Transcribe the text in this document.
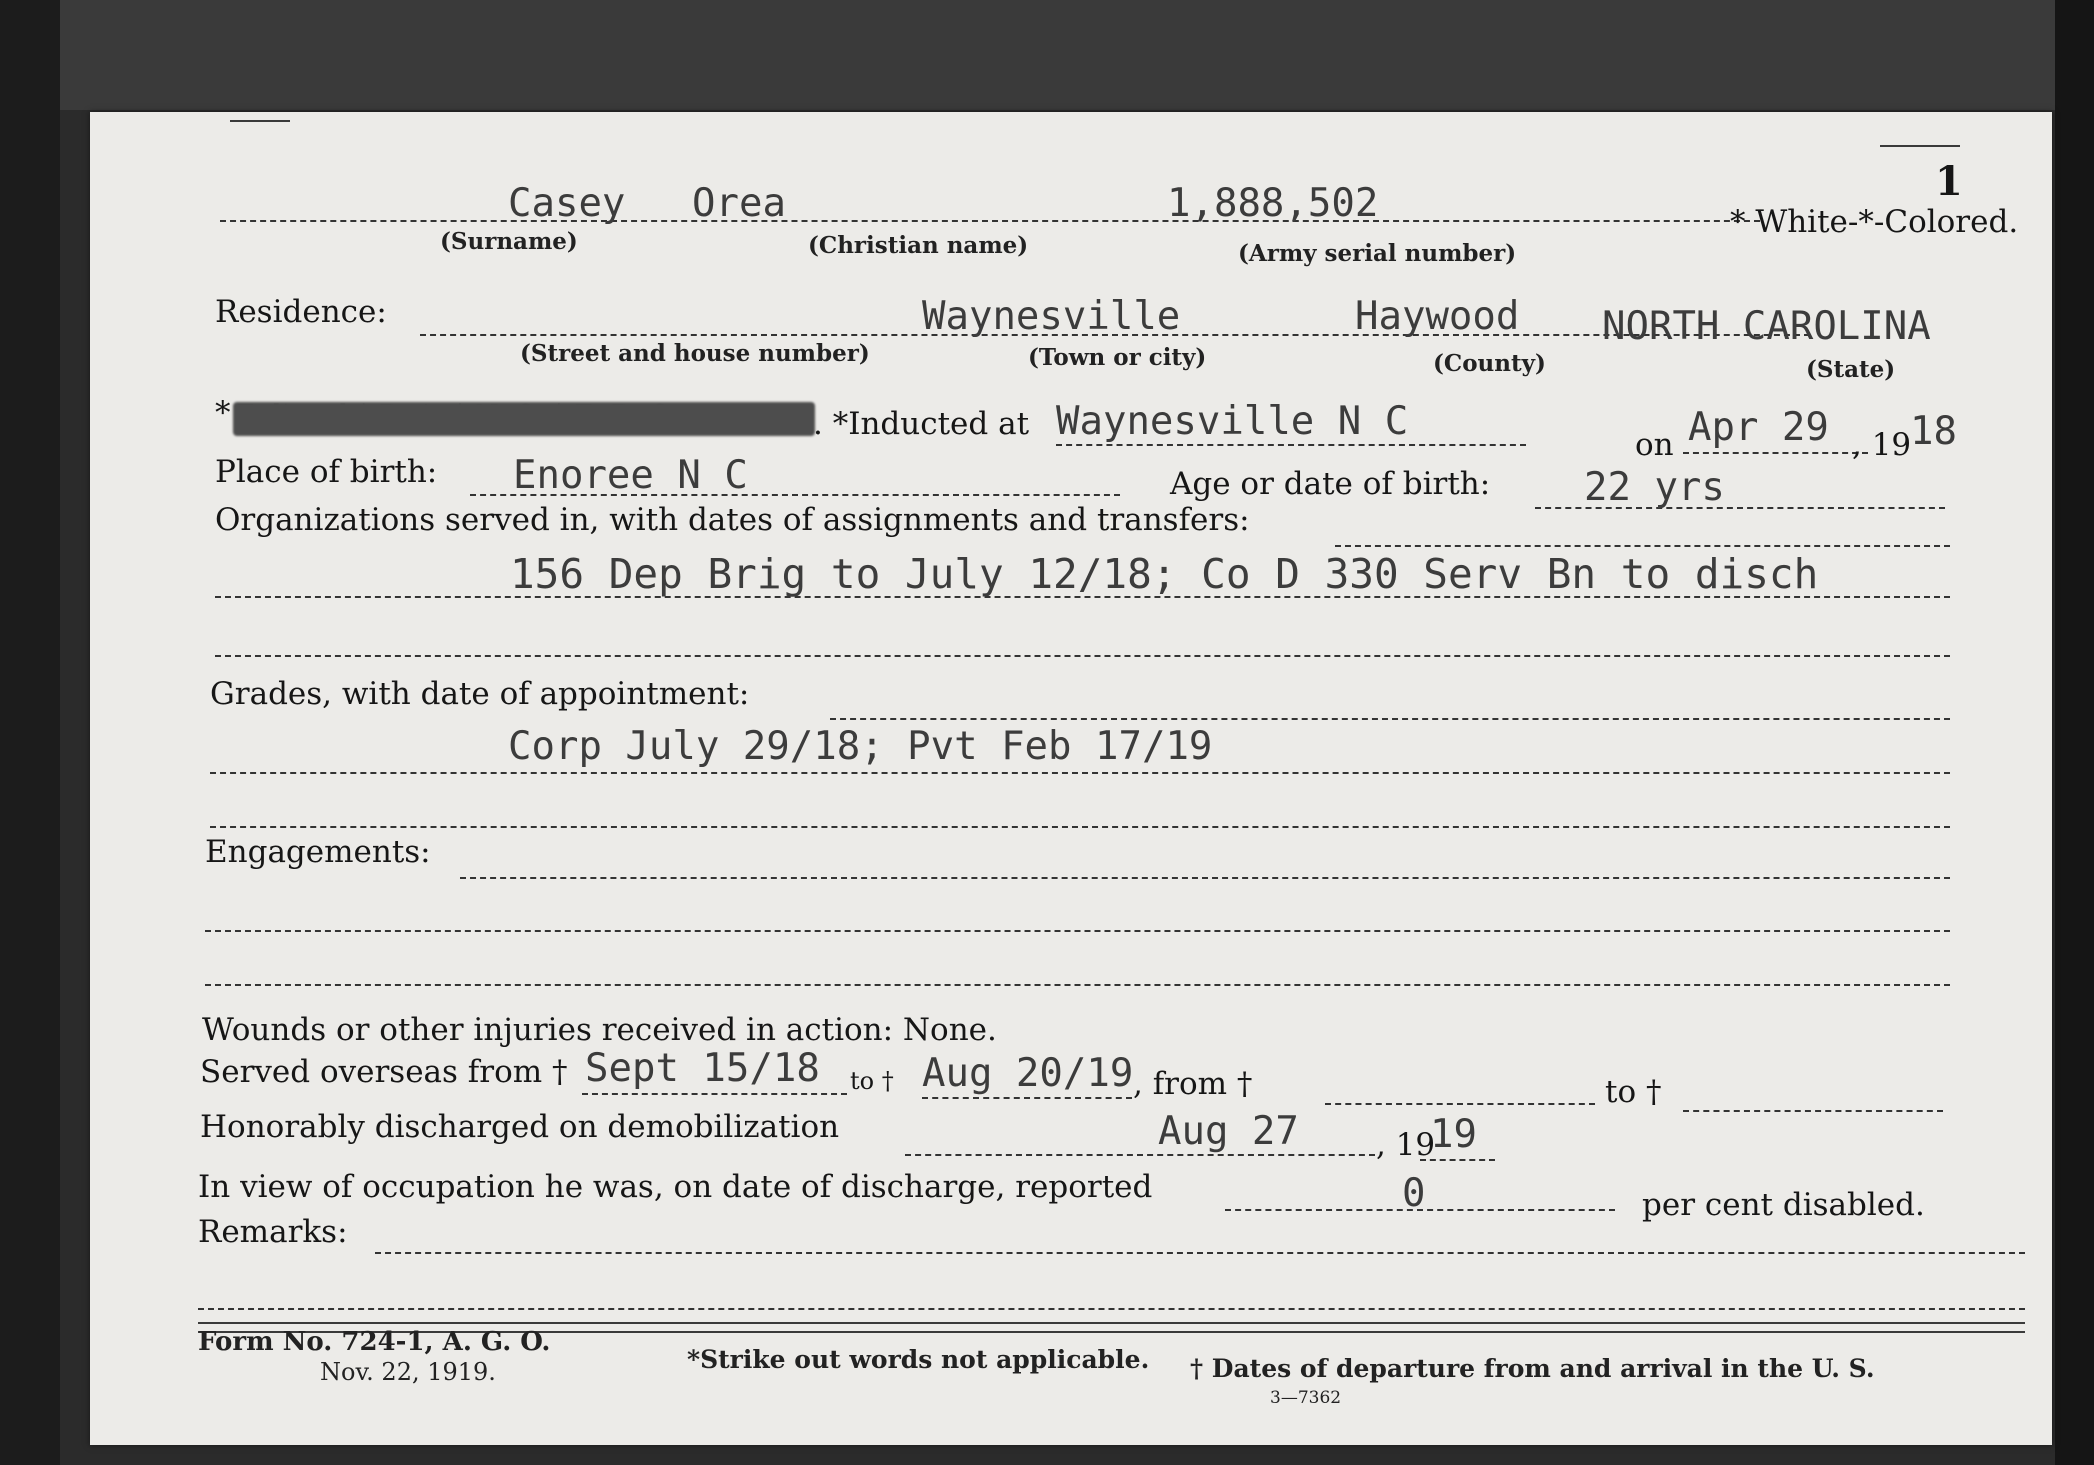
1
Casey Orea	1,888,502	* White-*-Colored.
(Surname)	(Christian name)	(Army serial number)
Residence:	Waynesville	Haywood NORTH CAROLINA
(Street and house number)	(Town or city)	(County)	(State)
*	. *Inducted at Waynesville N C
on Apr 29 , 19
18
Place of birth: Enoree N C	Age or date of birth: 22 yrs
Organizations served in, with dates of assignments and transfers:
156 Dep Brig to July 12/18; Co D 330 Serv Bn to disch
Grades, with date of appointment:
Corp July 29/18; Pvt Feb 17/19
Engagements:
Wounds or other injuries received in action: None.
Served overseas from † Sept 15/18 to † Aug 20/19 , from †	to †
Honorably discharged on demobilization	Aug 27 , 19
19
In view of occupation he was, on date of discharge, reported	0	per cent disabled.
Remarks:
Form No. 724-1, A. G. O.
Nov. 22, 1919.	*Strike out words not applicable. † Dates of departure from and arrival in the U. S.
3—7362
